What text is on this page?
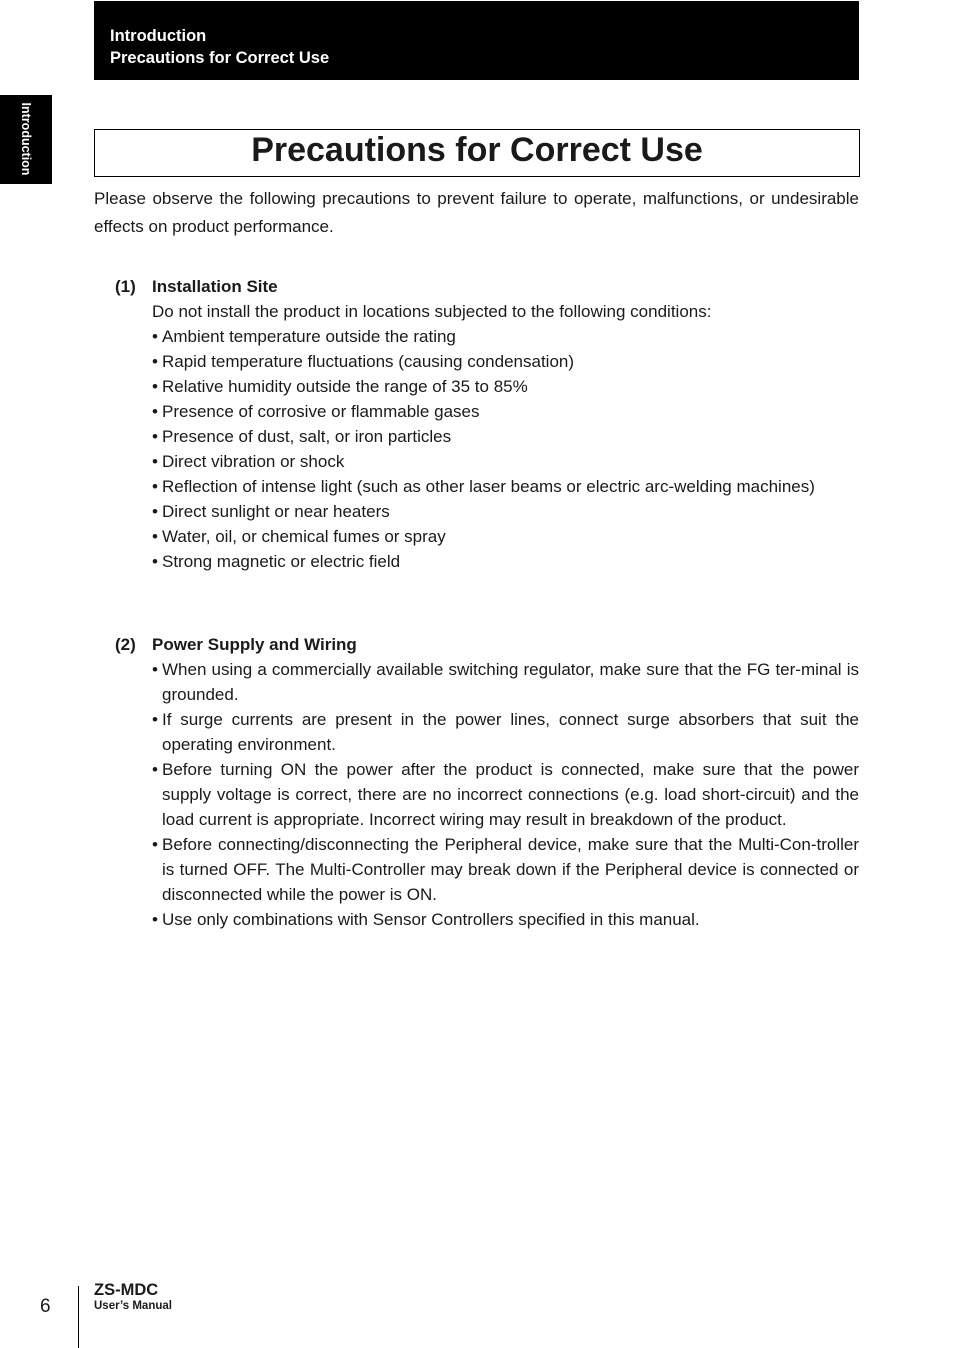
Introduction
Precautions for Correct Use
Introduction	Precautions for Correct Use

Please observe the following precautions to prevent failure to operate, malfunctions, or undesirable effects on product performance.

(1) Installation Site
Do not install the product in locations subjected to the following conditions:
• Ambient temperature outside the rating
• Rapid temperature fluctuations (causing condensation)
• Relative humidity outside the range of 35 to 85%
• Presence of corrosive or flammable gases
• Presence of dust, salt, or iron particles
• Direct vibration or shock
• Reflection of intense light (such as other laser beams or electric arc-welding machines)
• Direct sunlight or near heaters
• Water, oil, or chemical fumes or spray
• Strong magnetic or electric field
(2) Power Supply and Wiring
• When using a commercially available switching regulator, make sure that the FG ter-minal is grounded.
• If surge currents are present in the power lines, connect surge absorbers that suit the operating environment.
• Before turning ON the power after the product is connected, make sure that the power supply voltage is correct, there are no incorrect connections (e.g. load short-circuit) and the load current is appropriate. Incorrect wiring may result in breakdown of the product.
• Before connecting/disconnecting the Peripheral device, make sure that the Multi-Con-troller is turned OFF. The Multi-Controller may break down if the Peripheral device is connected or disconnected while the power is ON.
• Use only combinations with Sensor Controllers specified in this manual.
6
ZS-MDC
User’s Manual
